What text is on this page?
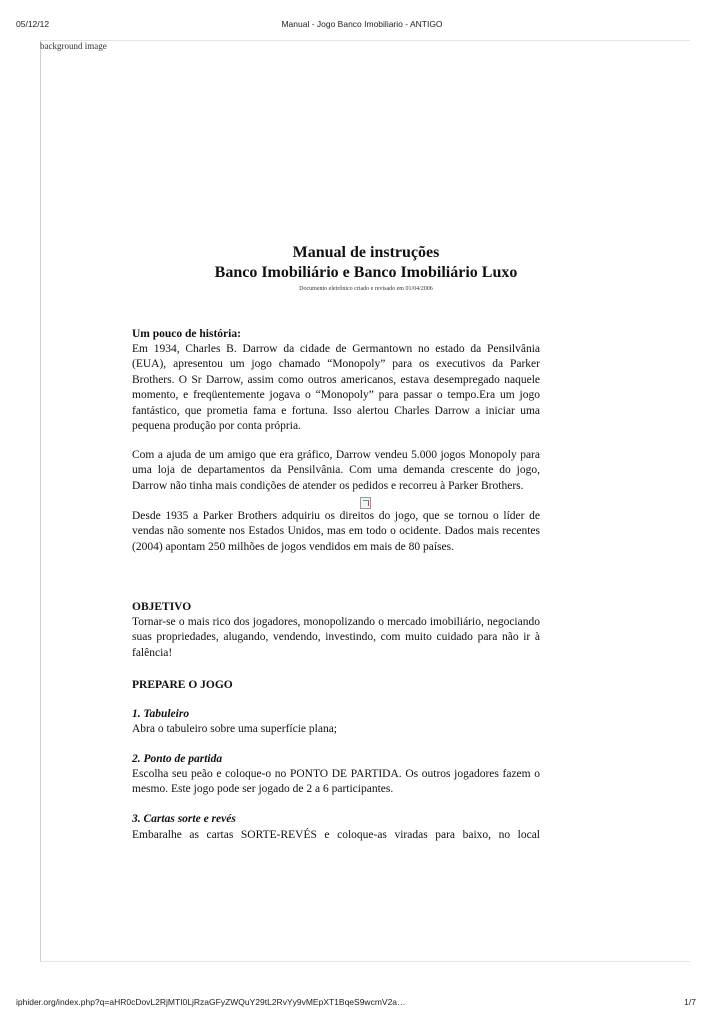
05/12/12	Manual - Jogo Banco Imobiliario - ANTIGO
background image
Manual de instruções
Banco Imobiliário e Banco Imobiliário Luxo
Documento eletrônico criado e revisado em 01/04/2006
Um pouco de história:
Em 1934, Charles B. Darrow da cidade de Germantown no estado da Pensilvânia (EUA), apresentou um jogo chamado “Monopoly” para os executivos da Parker Brothers. O Sr Darrow, assim como outros americanos, estava desempregado naquele momento, e freqüentemente jogava o “Monopoly” para passar o tempo.Era um jogo fantástico, que prometia fama e fortuna. Isso alertou Charles Darrow a iniciar uma pequena produção por conta própria.
Com a ajuda de um amigo que era gráfico, Darrow vendeu 5.000 jogos Monopoly para uma loja de departamentos da Pensilvânia. Com uma demanda crescente do jogo, Darrow não tinha mais condições de atender os pedidos e recorreu à Parker Brothers.
Desde 1935 a Parker Brothers adquiriu os direitos do jogo, que se tornou o líder de vendas não somente nos Estados Unidos, mas em todo o ocidente. Dados mais recentes (2004) apontam 250 milhões de jogos vendidos em mais de 80 países.
OBJETIVO
Tornar-se o mais rico dos jogadores, monopolizando o mercado imobiliário, negociando suas propriedades, alugando, vendendo, investindo, com muito cuidado para não ir à falência!
PREPARE O JOGO
1. Tabuleiro
Abra o tabuleiro sobre uma superfície plana;
2. Ponto de partida
Escolha seu peão e coloque-o no PONTO DE PARTIDA. Os outros jogadores fazem o mesmo. Este jogo pode ser jogado de 2 a 6 participantes.
3. Cartas sorte e revés
Embaralhe as cartas SORTE-REVÉS e coloque-as viradas para baixo, no local
iphider.org/index.php?q=aHR0cDovL2RjMTI0LjRzaGFyZWQuY29tL2RvYy9vMEpXT1BqeS9wcmV2a…	1/7
